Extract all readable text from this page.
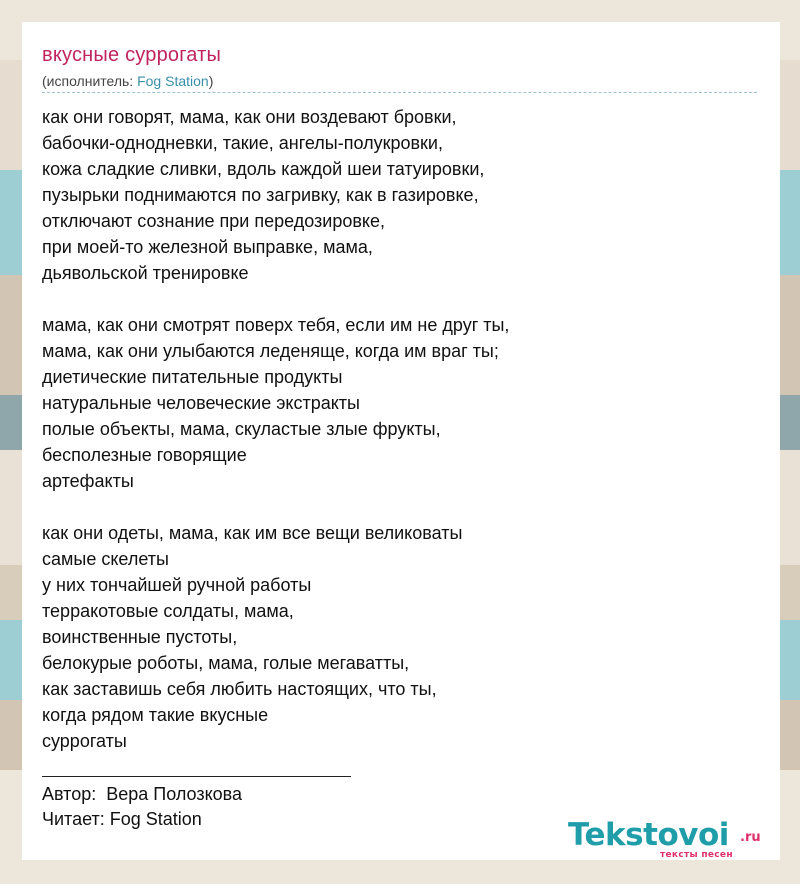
вкусные суррогаты
(исполнитель: Fog Station)
как они говорят, мама, как они воздевают бровки,
бабочки-однодневки, такие, ангелы-полукровки,
кожа сладкие сливки, вдоль каждой шеи татуировки,
пузырьки поднимаются по загривку, как в газировке,
отключают сознание при передозировке,
при моей-то железной выправке, мама,
дьявольской тренировке
мама, как они смотрят поверх тебя, если им не друг ты,
мама, как они улыбаются леденяще, когда им враг ты;
диетические питательные продукты
натуральные человеческие экстракты
полые объекты, мама, скуластые злые фрукты,
бесполезные говорящие
артефакты
как они одеты, мама, как им все вещи великоваты
самые скелеты
у них тончайшей ручной работы
терракотовые солдаты, мама,
воинственные пустоты,
белокурые роботы, мама, голые мегаватты,
как заставишь себя любить настоящих, что ты,
когда рядом такие вкусные
суррогаты
Автор:  Вера Полозкова
Читает: Fog Station	Tekstovoi .ru
тексты песен
